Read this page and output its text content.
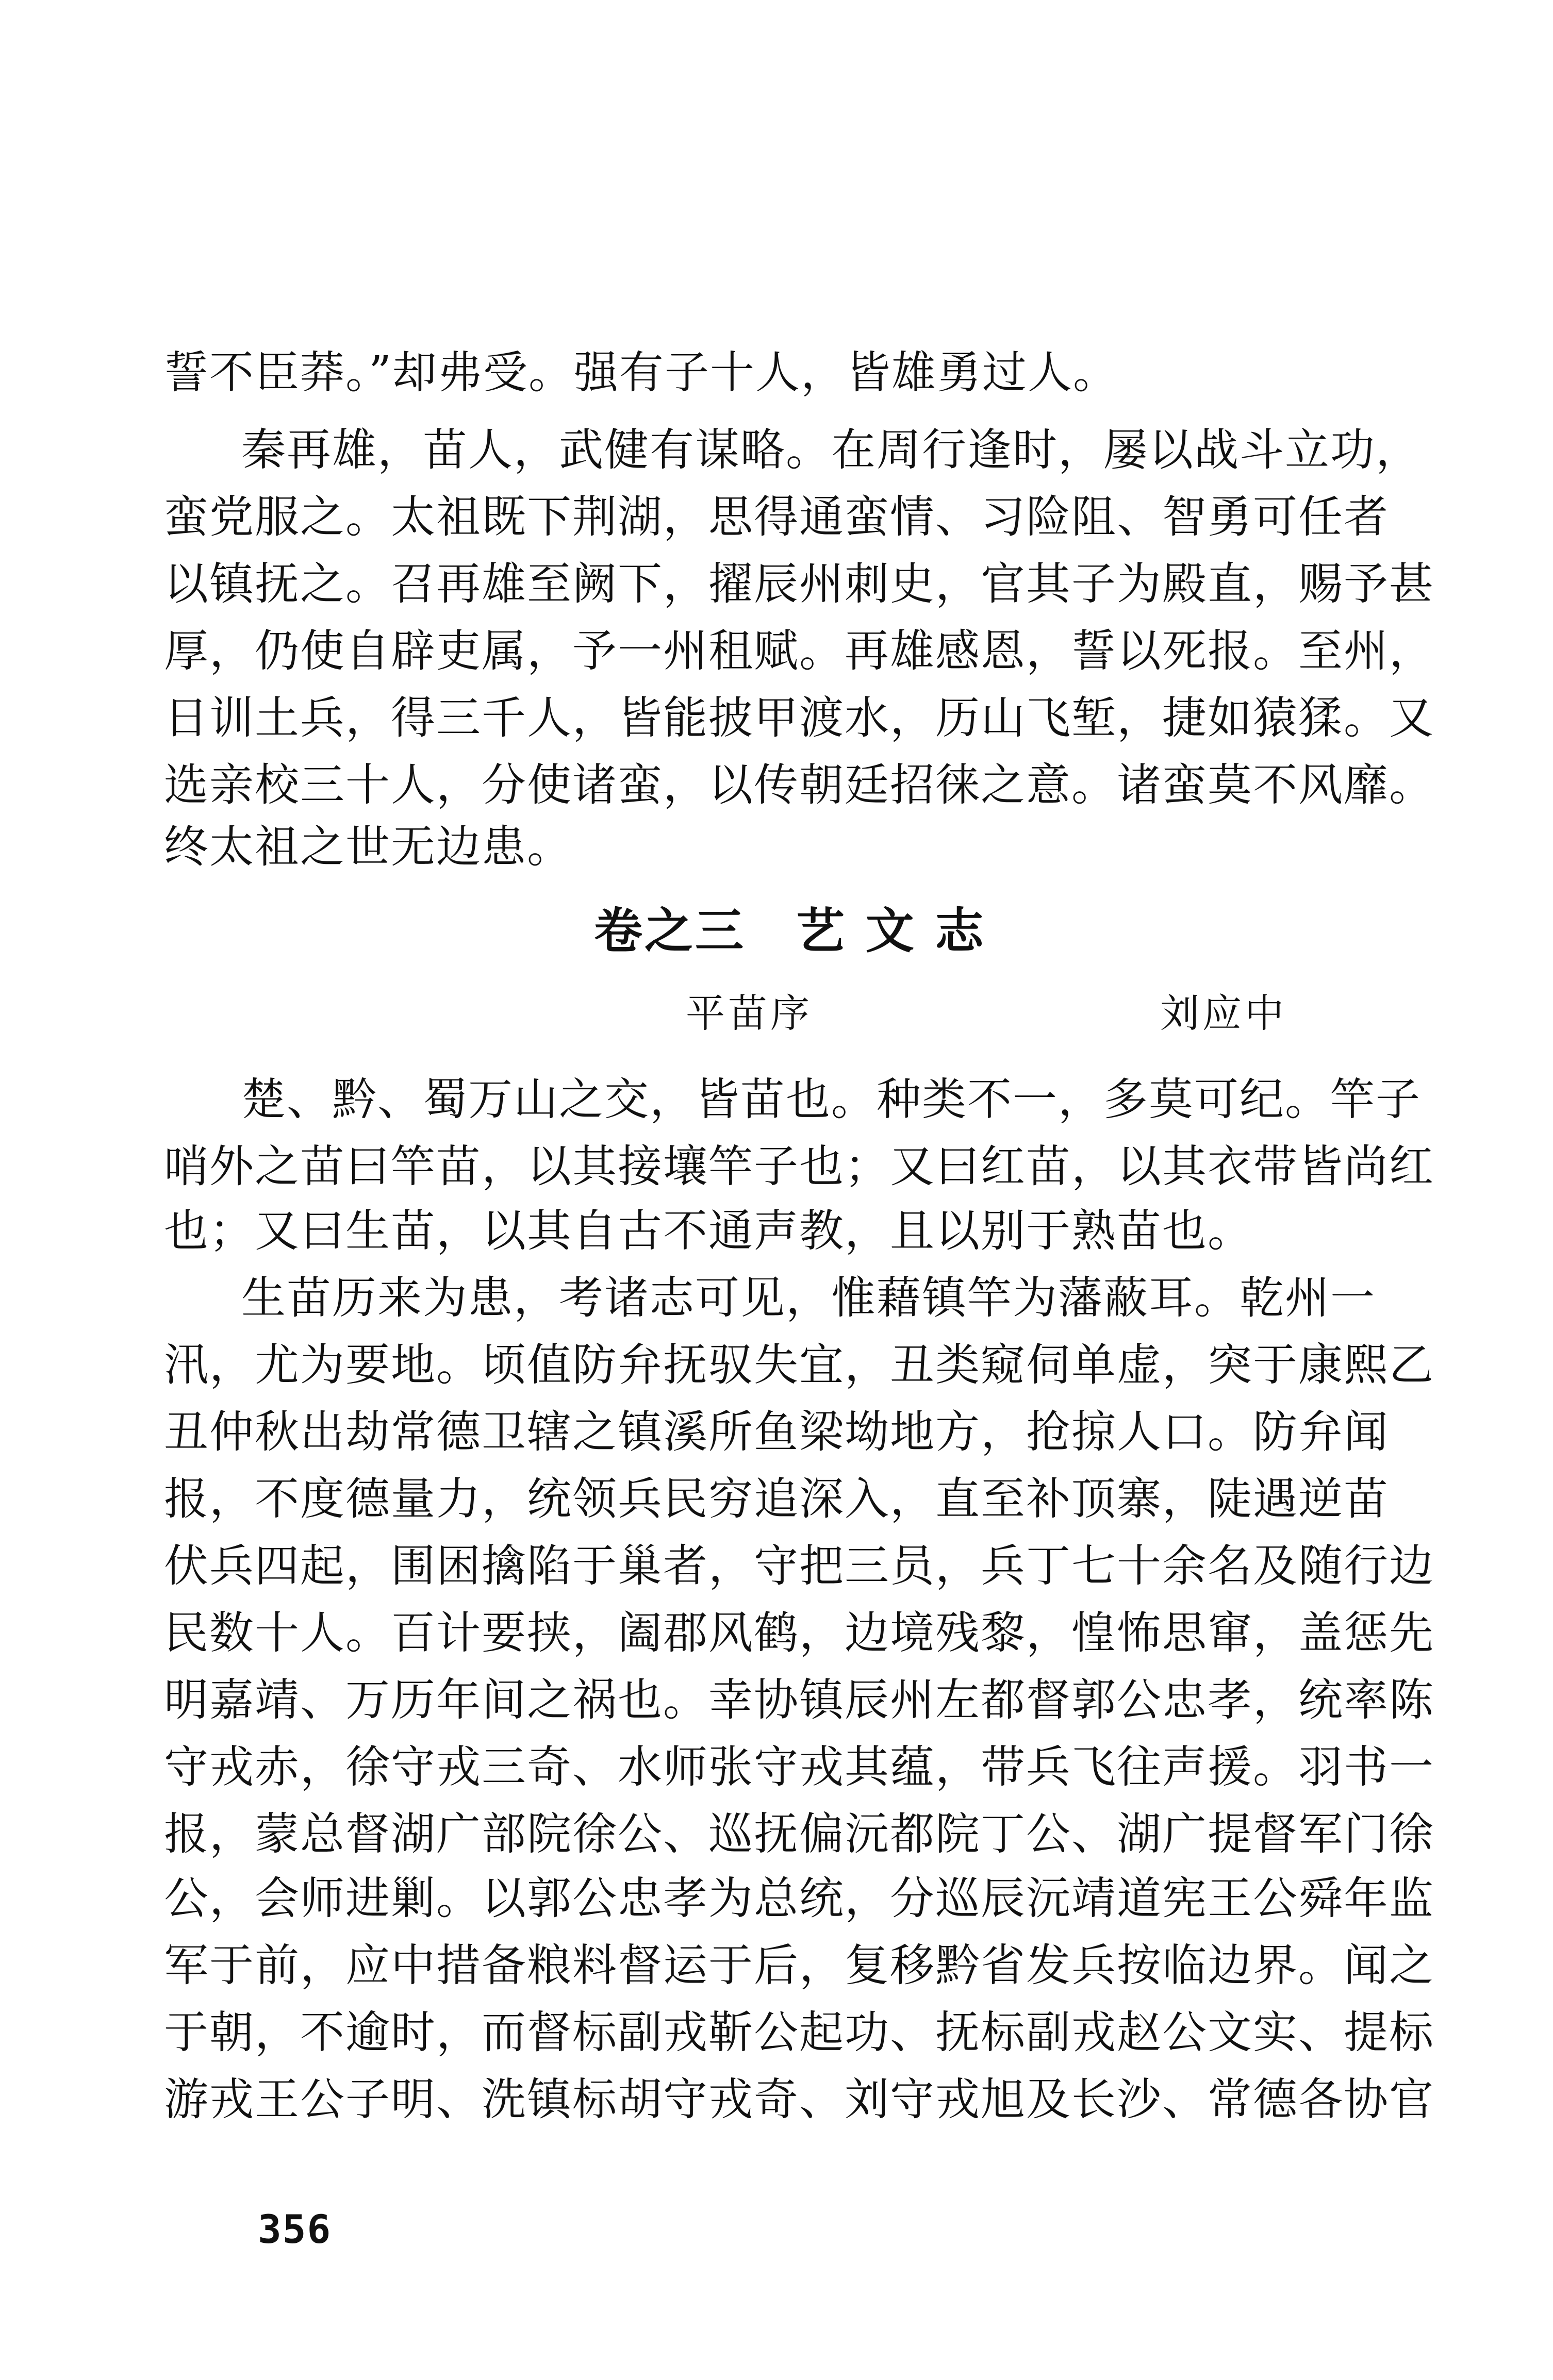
誓不臣莽。”却弗受。强有子十人，皆雄勇过人。
秦再雄，苗人，武健有谋略。在周行逢时，屡以战斗立功，
蛮党服之。太祖既下荆湖，思得通蛮情、习险阻、智勇可任者
以镇抚之。召再雄至阙下，擢辰州刺史，官其子为殿直，赐予甚
厚，仍使自辟吏属，予一州租赋。再雄感恩，誓以死报。至州，
日训土兵，得三千人，皆能披甲渡水，历山飞堑，捷如猿猱。又
选亲校三十人，分使诸蛮，以传朝廷招徕之意。诸蛮莫不风靡。
终太祖之世无边患。
卷之三　艺 文 志
平苗序	刘应中
楚、黔、蜀万山之交，皆苗也。种类不一，多莫可纪。竿子
哨外之苗曰竿苗，以其接壤竿子也；又曰红苗，以其衣带皆尚红
也；又曰生苗，以其自古不通声教，且以别于熟苗也。
生苗历来为患，考诸志可见，惟藉镇竿为藩蔽耳。乾州一
汛，尤为要地。顷值防弁抚驭失宜，丑类窥伺单虚，突于康熙乙
丑仲秋出劫常德卫辖之镇溪所鱼梁坳地方，抢掠人口。防弁闻
报，不度德量力，统领兵民穷追深入，直至补顶寨，陡遇逆苗
伏兵四起，围困擒陷于巢者，守把三员，兵丁七十余名及随行边
民数十人。百计要挟，阖郡风鹤，边境残黎，惶怖思窜，盖惩先
明嘉靖、万历年间之祸也。幸协镇辰州左都督郭公忠孝，统率陈
守戎赤，徐守戎三奇、水师张守戎其蕴，带兵飞往声援。羽书一
报，蒙总督湖广部院徐公、巡抚偏沅都院丁公、湖广提督军门徐
公，会师进剿。以郭公忠孝为总统，分巡辰沅靖道宪王公舜年监
军于前，应中措备粮料督运于后，复移黔省发兵按临边界。闻之
于朝，不逾时，而督标副戎靳公起功、抚标副戎赵公文实、提标
游戎王公子明、洗镇标胡守戎奇、刘守戎旭及长沙、常德各协官
356
